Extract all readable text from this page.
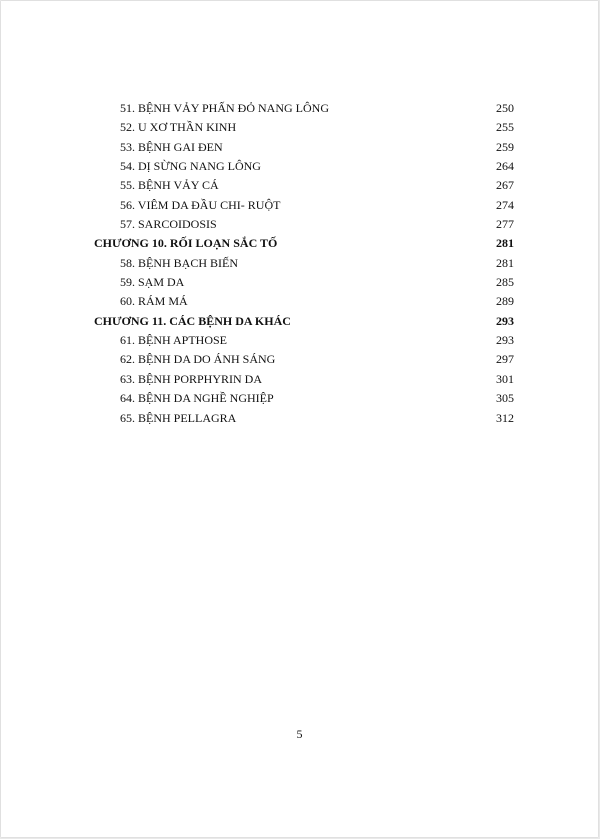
51. BỆNH VẢY PHẤN ĐỎ NANG LÔNG	250
52. U XƠ THẦN KINH	255
53. BỆNH GAI ĐEN	259
54. DỊ SỪNG NANG LÔNG	264
55. BỆNH VẢY CÁ	267
56. VIÊM DA ĐẦU CHI- RUỘT	274
57. SARCOIDOSIS	277
CHƯƠNG 10. RỐI LOẠN SẮC TỐ	281
58. BỆNH BẠCH BIẾN	281
59. SẠM DA	285
60. RÁM MÁ	289
CHƯƠNG 11. CÁC BỆNH DA KHÁC	293
61. BỆNH APTHOSE	293
62. BỆNH DA DO ÁNH SÁNG	297
63. BỆNH PORPHYRIN DA	301
64. BỆNH DA NGHỀ NGHIỆP	305
65. BỆNH PELLAGRA	312
5
